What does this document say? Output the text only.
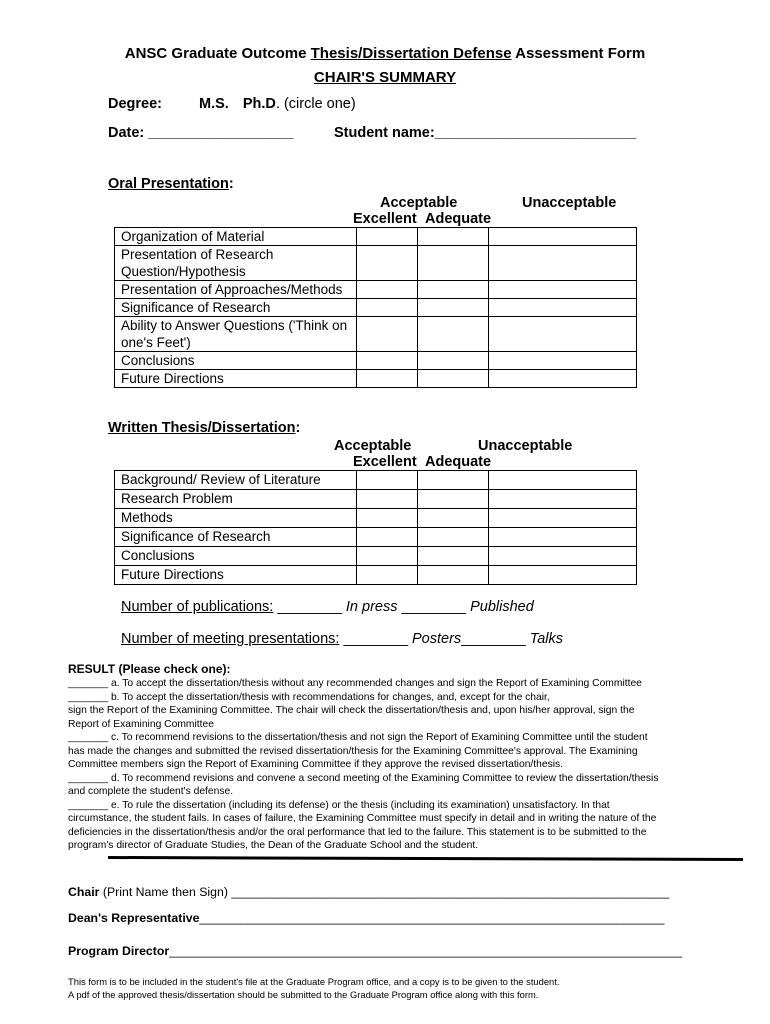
ANSC Graduate Outcome Thesis/Dissertation Defense Assessment Form
CHAIR'S SUMMARY
Degree:	M.S. Ph.D. (circle one)
Date: __________________	Student name:_________________________
Oral Presentation:
Acceptable	Unacceptable
Excellent Adequate
Organization of Material			
Presentation of Research Question/Hypothesis			
Presentation of Approaches/Methods			
Significance of Research			
Ability to Answer Questions ('Think on one's Feet')			
Conclusions			
Future Directions			
Written Thesis/Dissertation:
Acceptable	Unacceptable
Excellent Adequate
Background/ Review of Literature			
Research Problem			
Methods			
Significance of Research			
Conclusions			
Future Directions			
Number of publications: ________ In press ________ Published
Number of meeting presentations: ________ Posters________ Talks
RESULT (Please check one):
_______ a. To accept the dissertation/thesis without any recommended changes and sign the Report of Examining Committee
_______ b. To accept the dissertation/thesis with recommendations for changes, and, except for the chair,
sign the Report of the Examining Committee. The chair will check the dissertation/thesis and, upon his/her approval, sign the
Report of Examining Committee
_______ c. To recommend revisions to the dissertation/thesis and not sign the Report of Examining Committee until the student
has made the changes and submitted the revised dissertation/thesis for the Examining Committee's approval. The Examining
Committee members sign the Report of Examining Committee if they approve the revised dissertation/thesis.
_______ d. To recommend revisions and convene a second meeting of the Examining Committee to review the dissertation/thesis
and complete the student's defense.
_______ e. To rule the dissertation (including its defense) or the thesis (including its examination) unsatisfactory. In that
circumstance, the student fails. In cases of failure, the Examining Committee must specify in detail and in writing the nature of the
deficiencies in the dissertation/thesis and/or the oral performance that led to the failure. This statement is to be submitted to the
program's director of Graduate Studies, the Dean of the Graduate School and the student.
Chair (Print Name then Sign) ________________________________________________________________
Dean's Representative____________________________________________________________________
Program Director___________________________________________________________________________
This form is to be included in the student's file at the Graduate Program office, and a copy is to be given to the student.
A pdf of the approved thesis/dissertation should be submitted to the Graduate Program office along with this form.
